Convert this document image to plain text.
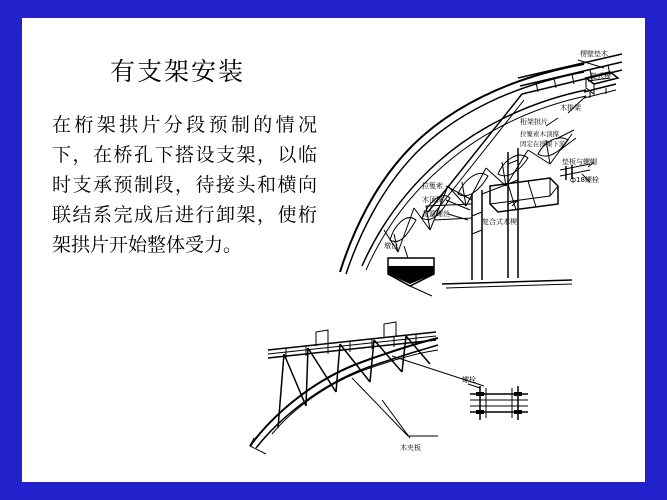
有支架安装
在桁架拱片分段预制的情况下，在桥孔下搭设支架，以临时支承预制段，待接头和横向联结系完成后进行卸架，使桁架拱片开始整体受力。
楞壁垫木
复式楔
木排架
桁架拱片
拉篗索木顶撑
固定在排架下游
垫板与螺帽
ф18螺栓
拉篗索
木顶撑
花篮螺丝
复合式木楔
墩台
螺栓
木夹板
